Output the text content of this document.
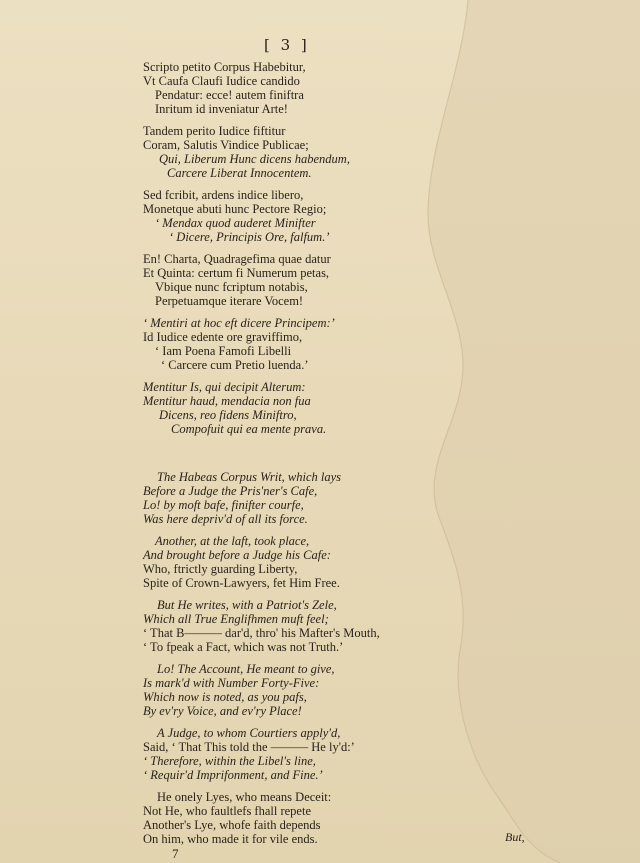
[ 3 ]
Scripto petito Corpus Habebitur,
Vt Caufa Claufi Iudice candido
Pendatur: ecce! autem finiftra
Inritum id inveniatur Arte!
Tandem perito Iudice fiftitur
Coram, Salutis Vindice Publicae;
Qui, Liberum Hunc dicens habendum,
Carcere Liberat Innocentem.
Sed fcribit, ardens indice libero,
Monetque abuti hunc Pectore Regio;
‘ Mendax quod auderet Minifter
‘ Dicere, Principis Ore, falfum.’
En! Charta, Quadragefima quae datur
Et Quinta: certum fi Numerum petas,
Vbique nunc fcriptum notabis,
Perpetuamque iterare Vocem!
‘ Mentiri at hoc eft dicere Principem:’
Id Iudice edente ore graviffimo,
‘ Iam Poena Famofi Libelli
‘ Carcere cum Pretio luenda.’
Mentitur Is, qui decipit Alterum:
Mentitur haud, mendacia non fua
Dicens, reo fidens Miniftro,
Compofuit qui ea mente prava.
The Habeas Corpus Writ, which lays
Before a Judge the Pris'ner's Cafe,
Lo! by moft bafe, finifter courfe,
Was here depriv'd of all its force.
Another, at the laft, took place,
And brought before a Judge his Cafe:
Who, ftrictly guarding Liberty,
Spite of Crown-Lawyers, fet Him Free.
But He writes, with a Patriot's Zele,
Which all True Englifhmen muft feel;
‘ That B——— dar'd, thro' his Mafter's Mouth,
‘ To fpeak a Fact, which was not Truth.’
Lo! The Account, He meant to give,
Is mark'd with Number Forty-Five:
Which now is noted, as you pafs,
By ev'ry Voice, and ev'ry Place!
A Judge, to whom Courtiers apply'd,
Said, ‘ That This told the ——— He ly'd:’
‘ Therefore, within the Libel's line,
‘ Requir'd Imprifonment, and Fine.’
He onely Lyes, who means Deceit:
Not He, who faultlefs fhall repete
Another's Lye, whofe faith depends
On him, who made it for vile ends.
7
But,
